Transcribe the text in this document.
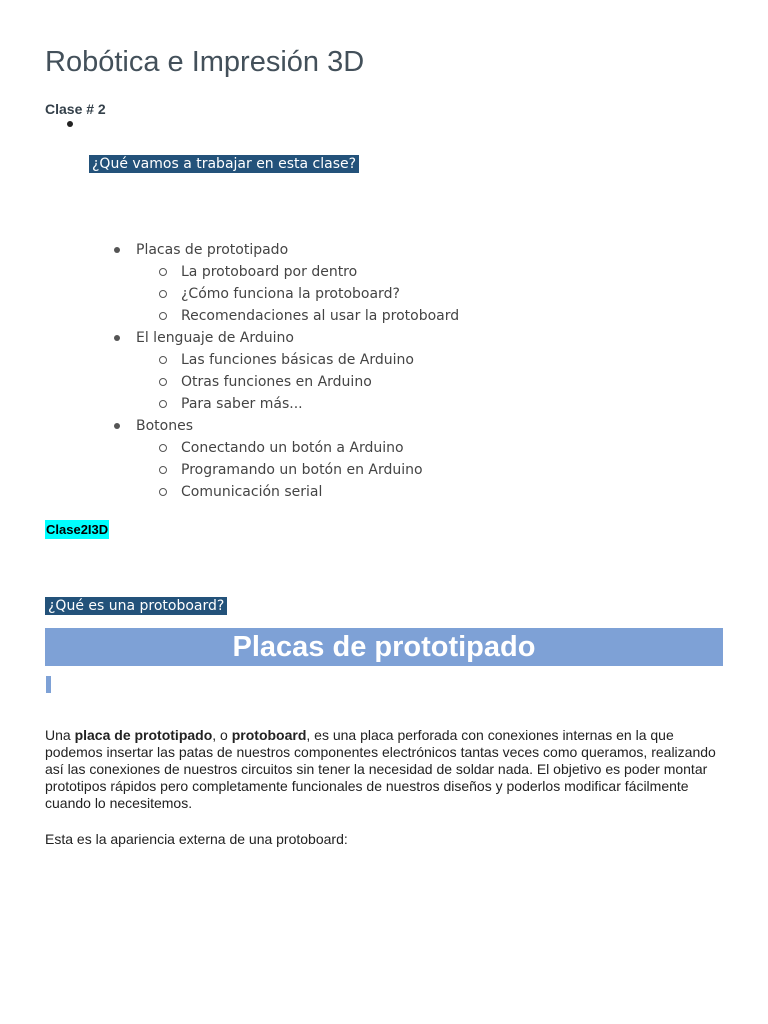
Robótica e Impresión 3D
Clase # 2
¿Qué vamos a trabajar en esta clase?
Placas de prototipado
La protoboard por dentro
¿Cómo funciona la protoboard?
Recomendaciones al usar la protoboard
El lenguaje de Arduino
Las funciones básicas de Arduino
Otras funciones en Arduino
Para saber más...
Botones
Conectando un botón a Arduino
Programando un botón en Arduino
Comunicación serial
Clase2I3D
¿Qué es una protoboard?
Placas de prototipado
Una placa de prototipado, o protoboard, es una placa perforada con conexiones internas en la que podemos insertar las patas de nuestros componentes electrónicos tantas veces como queramos, realizando así las conexiones de nuestros circuitos sin tener la necesidad de soldar nada. El objetivo es poder montar prototipos rápidos pero completamente funcionales de nuestros diseños y poderlos modificar fácilmente cuando lo necesitemos.
Esta es la apariencia externa de una protoboard:
